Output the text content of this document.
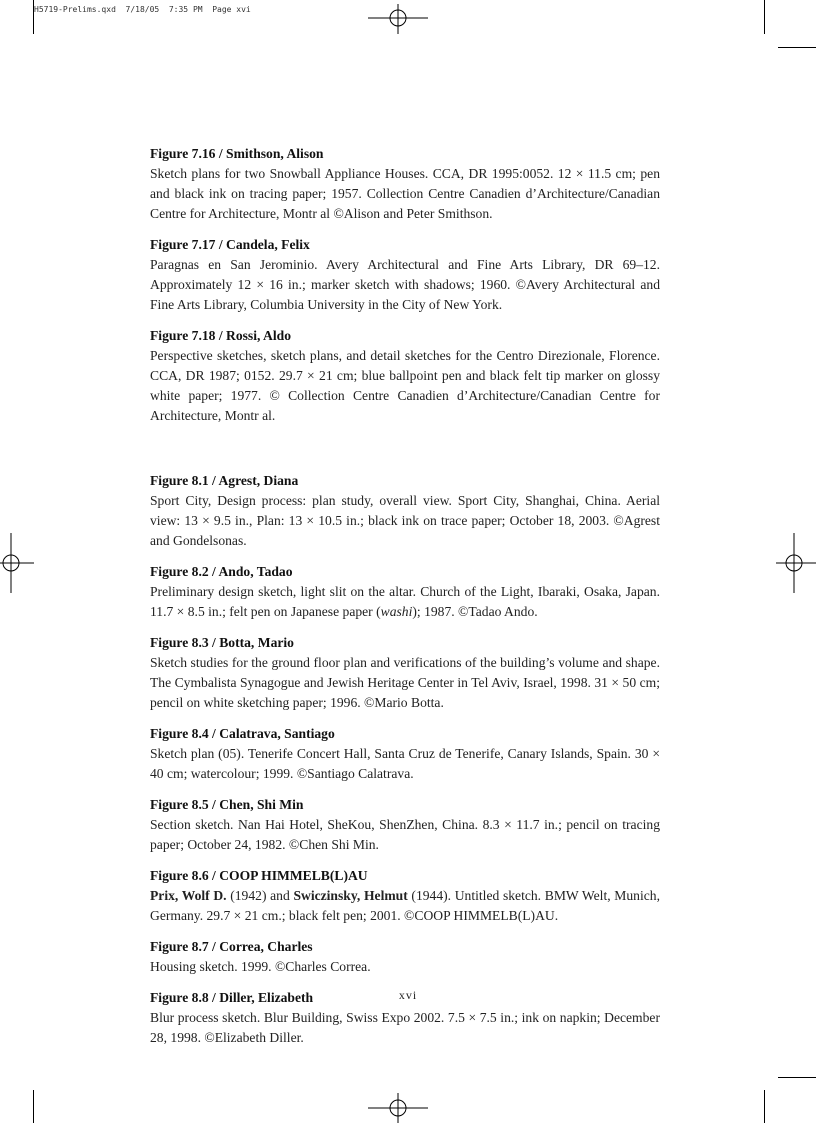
H5719-Prelims.qxd  7/18/05  7:35 PM  Page xvi

Figure 7.16 / Smithson, Alison

Sketch plans for two Snowball Appliance Houses. CCA, DR 1995:0052. 12 × 11.5 cm; pen and black ink on tracing paper; 1957. Collection Centre Canadien d’Architecture/Canadian Centre for Architecture, Montr al ©Alison and Peter Smithson.

Figure 7.17 / Candela, Felix

Paragnas en San Jerominio. Avery Architectural and Fine Arts Library, DR 69–12. Approximately 12 × 16 in.; marker sketch with shadows; 1960. ©Avery Architectural and Fine Arts Library, Columbia University in the City of New York.

Figure 7.18 / Rossi, Aldo

Perspective sketches, sketch plans, and detail sketches for the Centro Direzionale, Florence. CCA, DR 1987; 0152. 29.7 × 21 cm; blue ballpoint pen and black felt tip marker on glossy white paper; 1977. © Collection Centre Canadien d’Architecture/Canadian Centre for Architecture, Montr al.

Figure 8.1 / Agrest, Diana

Sport City, Design process: plan study, overall view. Sport City, Shanghai, China. Aerial view: 13 × 9.5 in., Plan: 13 × 10.5 in.; black ink on trace paper; October 18, 2003. ©Agrest and Gondelsonas.

Figure 8.2 / Ando, Tadao

Preliminary design sketch, light slit on the altar. Church of the Light, Ibaraki, Osaka, Japan. 11.7 × 8.5 in.; felt pen on Japanese paper (washi); 1987. ©Tadao Ando.

Figure 8.3 / Botta, Mario

Sketch studies for the ground floor plan and verifications of the building’s volume and shape. The Cymbalista Synagogue and Jewish Heritage Center in Tel Aviv, Israel, 1998. 31 × 50 cm; pencil on white sketching paper; 1996. ©Mario Botta.

Figure 8.4 / Calatrava, Santiago

Sketch plan (05). Tenerife Concert Hall, Santa Cruz de Tenerife, Canary Islands, Spain. 30 × 40 cm; watercolour; 1999. ©Santiago Calatrava.

Figure 8.5 / Chen, Shi Min

Section sketch. Nan Hai Hotel, SheKou, ShenZhen, China. 8.3 × 11.7 in.; pencil on tracing paper; October 24, 1982. ©Chen Shi Min.

Figure 8.6 / COOP HIMMELB(L)AU

Prix, Wolf D. (1942) and Swiczinsky, Helmut (1944). Untitled sketch. BMW Welt, Munich, Germany. 29.7 × 21 cm.; black felt pen; 2001. ©COOP HIMMELB(L)AU.

Figure 8.7 / Correa, Charles

Housing sketch. 1999. ©Charles Correa.

Figure 8.8 / Diller, Elizabeth

Blur process sketch. Blur Building, Swiss Expo 2002. 7.5 × 7.5 in.; ink on napkin; December 28, 1998. ©Elizabeth Diller.

xvi
